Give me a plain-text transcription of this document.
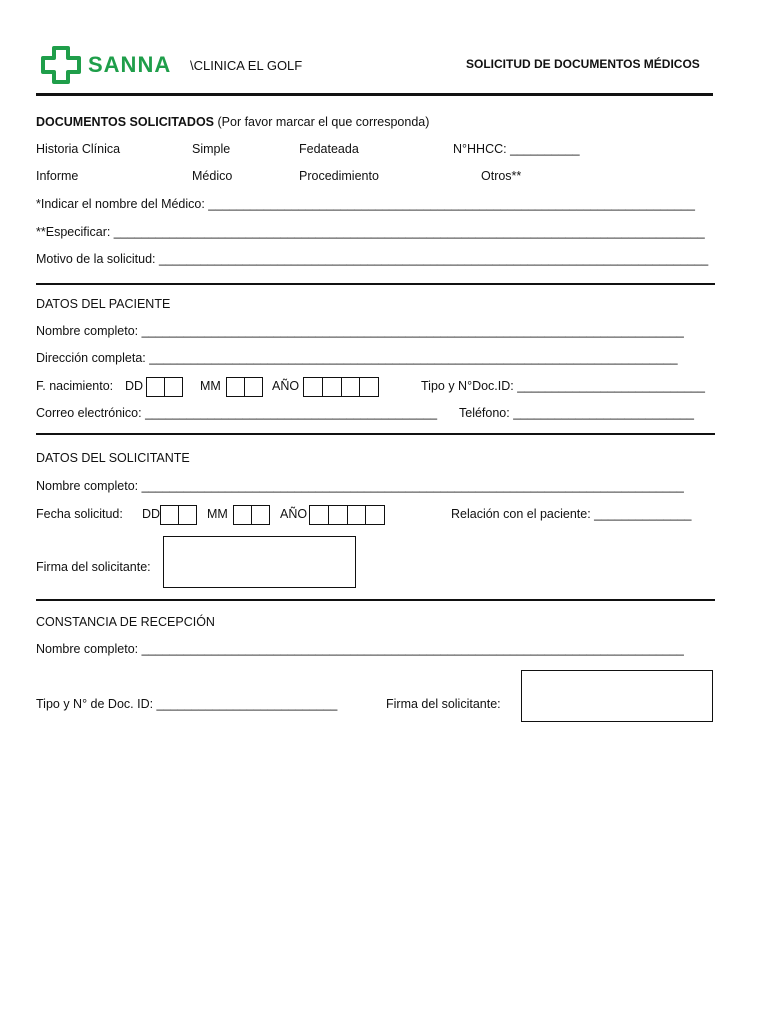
SANNA \CLINICA EL GOLF	SOLICITUD DE DOCUMENTOS MÉDICOS
DOCUMENTOS SOLICITADOS (Por favor marcar el que corresponda)
Historia Clínica	Simple	Fedateada	N°HHCC: __________
Informe	Médico	Procedimiento	Otros**
*Indicar el nombre del Médico: ______________________________________________________________________
**Especificar: _____________________________________________________________________________________
Motivo de la solicitud: _______________________________________________________________________________
DATOS DEL PACIENTE
Nombre completo: ______________________________________________________________________________
Dirección completa: ____________________________________________________________________________
F. nacimiento: DD	MM	AÑO	Tipo y N°Doc.ID: ___________________________
Correo electrónico: __________________________________________ Teléfono: __________________________
DATOS DEL SOLICITANTE
Nombre completo: ______________________________________________________________________________
Fecha solicitud: DD	MM	AÑO	Relación con el paciente: ______________
Firma del solicitante:
CONSTANCIA DE RECEPCIÓN
Nombre completo: ______________________________________________________________________________
Tipo y N° de Doc. ID: __________________________	Firma del solicitante:
